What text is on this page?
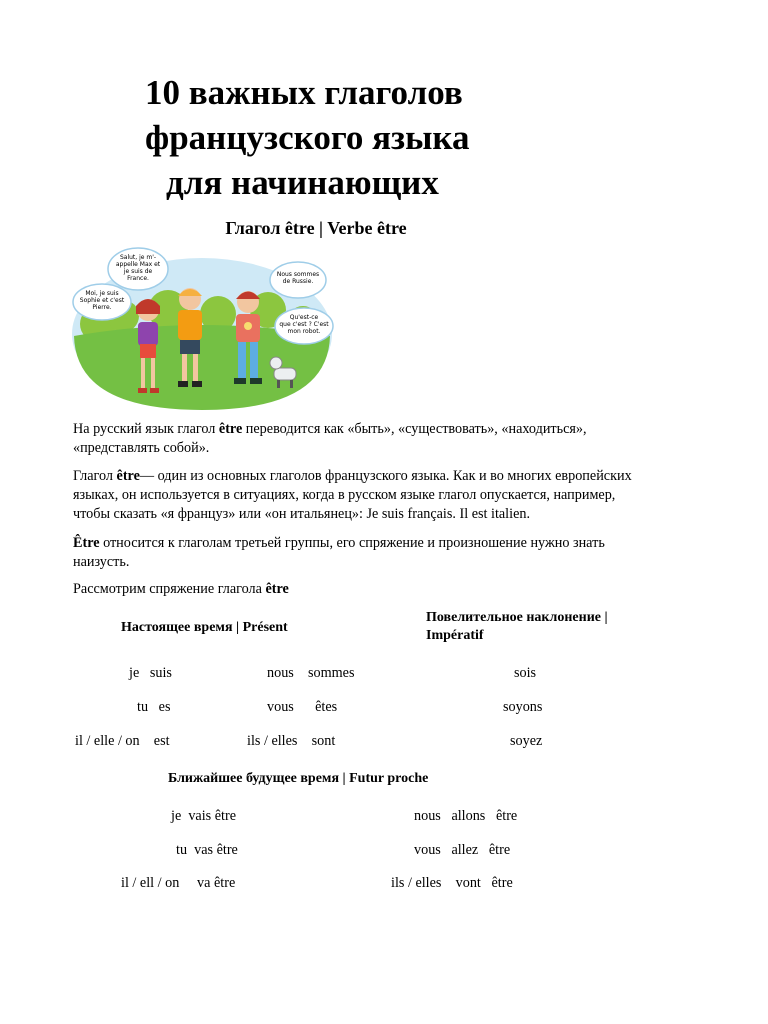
10 важных глаголов
французского языка
для начинающих
Глагол être | Verbe être
Salut, je m'-appelle Max et je suis de France.
Moi, je suis Sophie et c'est Pierre.
Nous sommes de Russie.
Qu'est-ce que c'est ? C'est mon robot.
На русский язык глагол être переводится как «быть», «существовать», «находиться»,
«представлять собой».
Глагол être— один из основных глаголов французского языка. Как и во многих европейских
языках, он используется в ситуациях, когда в русском языке глагол опускается, например,
чтобы сказать «я француз» или «он итальянец»: Je suis français. Il est italien.
Être относится к глаголам третьей группы, его спряжение и произношение нужно знать
наизусть.
Рассмотрим спряжение глагола être
Настоящее время | Présent
Повелительное наклонение |
Impératif
je   suis	nous    sommes	sois
tu   es	vous      êtes	soyons
il / elle / on    est	ils / elles    sont	soyez
Ближайшее будущее время | Futur proche
je  vais être	nous   allons   être
tu  vas être	vous   allez   être
il / ell / on     va être	ils / elles    vont   être
